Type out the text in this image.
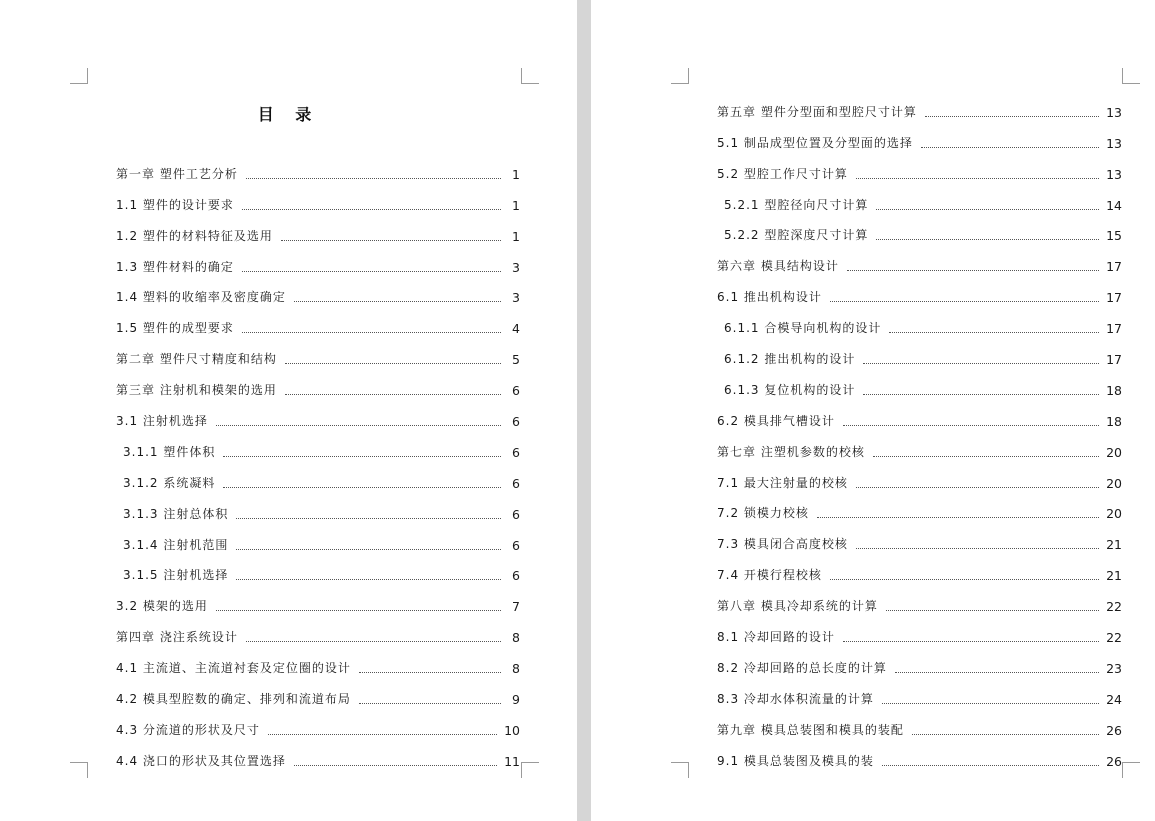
目 录
第一章 塑件工艺分析	1
1.1 塑件的设计要求	1
1.2 塑件的材料特征及选用	1
1.3 塑件材料的确定	3
1.4 塑料的收缩率及密度确定	3
1.5 塑件的成型要求	4
第二章 塑件尺寸精度和结构	5
第三章 注射机和模架的选用	6
3.1 注射机选择	6
3.1.1 塑件体积	6
3.1.2 系统凝料	6
3.1.3 注射总体积	6
3.1.4 注射机范围	6
3.1.5 注射机选择	6
3.2 模架的选用	7
第四章 浇注系统设计	8
4.1 主流道、主流道衬套及定位圈的设计	8
4.2 模具型腔数的确定、排列和流道布局	9
4.3 分流道的形状及尺寸	10
4.4 浇口的形状及其位置选择	11
第五章 塑件分型面和型腔尺寸计算	13
5.1 制品成型位置及分型面的选择	13
5.2 型腔工作尺寸计算	13
5.2.1 型腔径向尺寸计算	14
5.2.2 型腔深度尺寸计算	15
第六章 模具结构设计	17
6.1 推出机构设计	17
6.1.1 合模导向机构的设计	17
6.1.2 推出机构的设计	17
6.1.3 复位机构的设计	18
6.2 模具排气槽设计	18
第七章 注塑机参数的校核	20
7.1 最大注射量的校核	20
7.2 锁模力校核	20
7.3 模具闭合高度校核	21
7.4 开模行程校核	21
第八章 模具冷却系统的计算	22
8.1 冷却回路的设计	22
8.2 冷却回路的总长度的计算	23
8.3 冷却水体积流量的计算	24
第九章 模具总装图和模具的装配	26
9.1 模具总装图及模具的装	26
